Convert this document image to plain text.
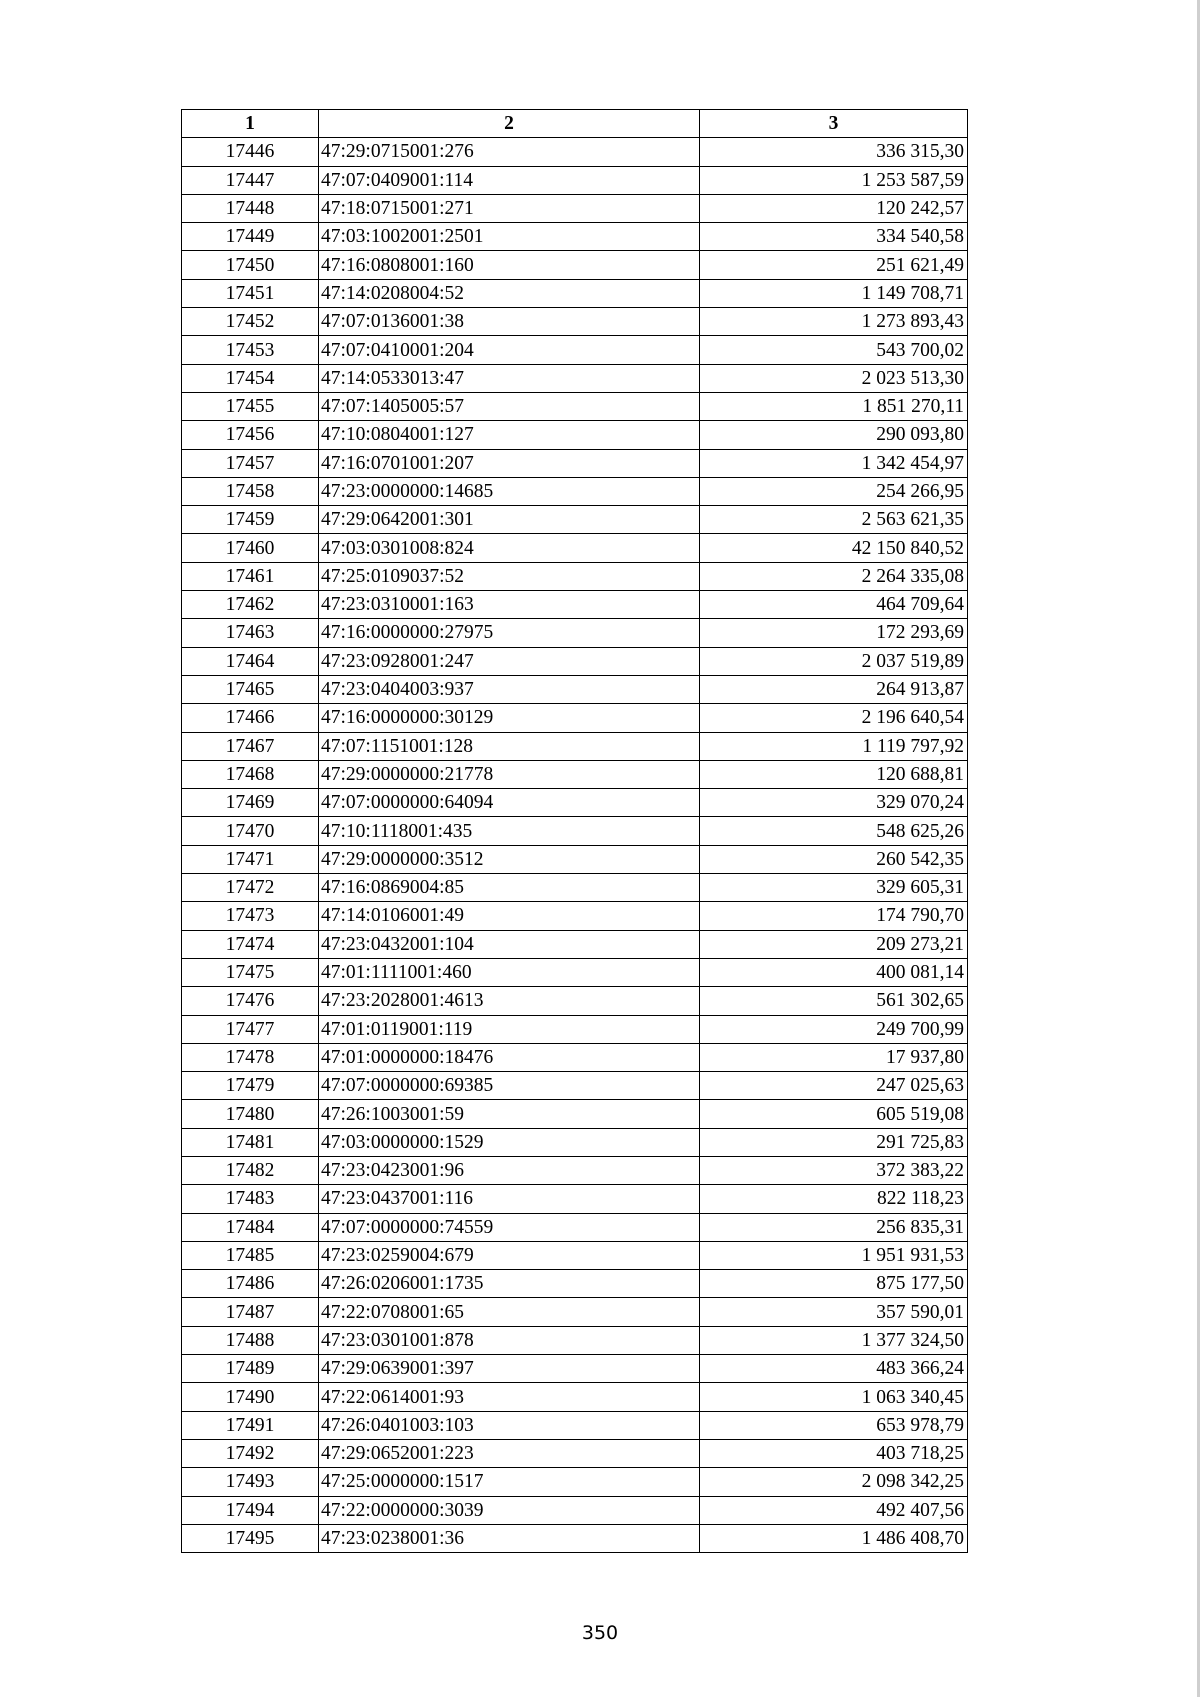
1	2	3
17446	47:29:0715001:276	336 315,30
17447	47:07:0409001:114	1 253 587,59
17448	47:18:0715001:271	120 242,57
17449	47:03:1002001:2501	334 540,58
17450	47:16:0808001:160	251 621,49
17451	47:14:0208004:52	1 149 708,71
17452	47:07:0136001:38	1 273 893,43
17453	47:07:0410001:204	543 700,02
17454	47:14:0533013:47	2 023 513,30
17455	47:07:1405005:57	1 851 270,11
17456	47:10:0804001:127	290 093,80
17457	47:16:0701001:207	1 342 454,97
17458	47:23:0000000:14685	254 266,95
17459	47:29:0642001:301	2 563 621,35
17460	47:03:0301008:824	42 150 840,52
17461	47:25:0109037:52	2 264 335,08
17462	47:23:0310001:163	464 709,64
17463	47:16:0000000:27975	172 293,69
17464	47:23:0928001:247	2 037 519,89
17465	47:23:0404003:937	264 913,87
17466	47:16:0000000:30129	2 196 640,54
17467	47:07:1151001:128	1 119 797,92
17468	47:29:0000000:21778	120 688,81
17469	47:07:0000000:64094	329 070,24
17470	47:10:1118001:435	548 625,26
17471	47:29:0000000:3512	260 542,35
17472	47:16:0869004:85	329 605,31
17473	47:14:0106001:49	174 790,70
17474	47:23:0432001:104	209 273,21
17475	47:01:1111001:460	400 081,14
17476	47:23:2028001:4613	561 302,65
17477	47:01:0119001:119	249 700,99
17478	47:01:0000000:18476	17 937,80
17479	47:07:0000000:69385	247 025,63
17480	47:26:1003001:59	605 519,08
17481	47:03:0000000:1529	291 725,83
17482	47:23:0423001:96	372 383,22
17483	47:23:0437001:116	822 118,23
17484	47:07:0000000:74559	256 835,31
17485	47:23:0259004:679	1 951 931,53
17486	47:26:0206001:1735	875 177,50
17487	47:22:0708001:65	357 590,01
17488	47:23:0301001:878	1 377 324,50
17489	47:29:0639001:397	483 366,24
17490	47:22:0614001:93	1 063 340,45
17491	47:26:0401003:103	653 978,79
17492	47:29:0652001:223	403 718,25
17493	47:25:0000000:1517	2 098 342,25
17494	47:22:0000000:3039	492 407,56
17495	47:23:0238001:36	1 486 408,70
350
